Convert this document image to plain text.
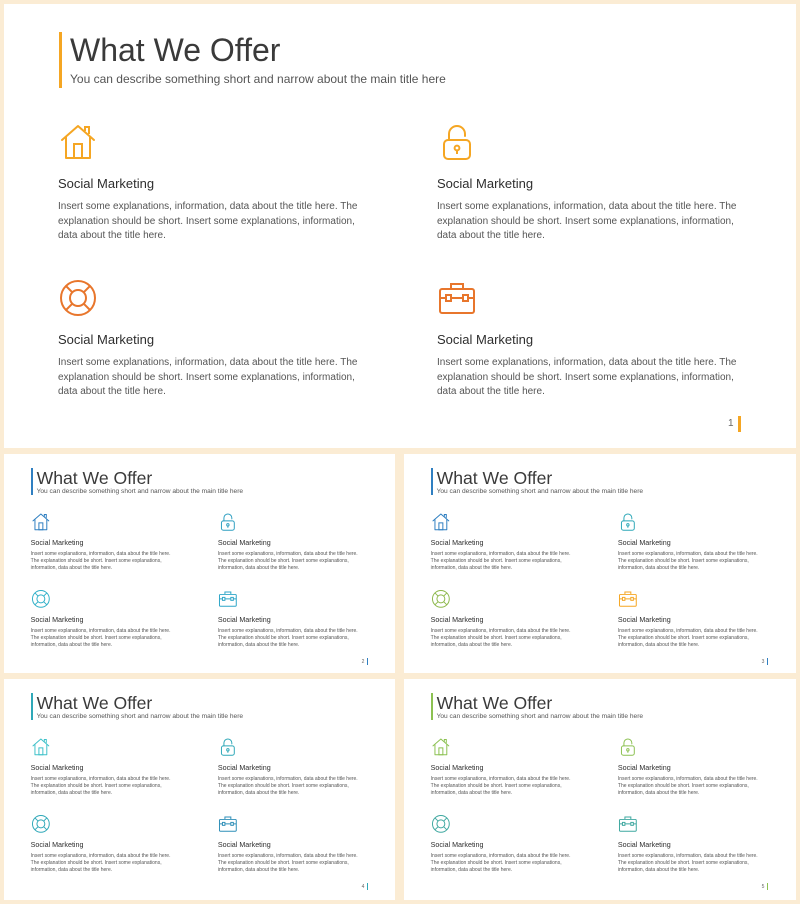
What We Offer
You can describe something short and narrow about the main title here
Social Marketing

Insert some explanations, information, data about the title here. The explanation should be short. Insert some explanations, information, data about the title here.

Social Marketing

Insert some explanations, information, data about the title here. The explanation should be short. Insert some explanations, information, data about the title here.

Social Marketing

Insert some explanations, information, data about the title here. The explanation should be short. Insert some explanations, information, data about the title here.

Social Marketing

Insert some explanations, information, data about the title here. The explanation should be short. Insert some explanations, information, data about the title here.

1
What We Offer
You can describe something short and narrow about the main title here
Social Marketing

Insert some explanations, information, data about the title here. The explanation should be short. Insert some explanations, information, data about the title here.

Social Marketing

Insert some explanations, information, data about the title here. The explanation should be short. Insert some explanations, information, data about the title here.

Social Marketing

Insert some explanations, information, data about the title here. The explanation should be short. Insert some explanations, information, data about the title here.

Social Marketing

Insert some explanations, information, data about the title here. The explanation should be short. Insert some explanations, information, data about the title here.

2
What We Offer
You can describe something short and narrow about the main title here
Social Marketing

Insert some explanations, information, data about the title here. The explanation should be short. Insert some explanations, information, data about the title here.

Social Marketing

Insert some explanations, information, data about the title here. The explanation should be short. Insert some explanations, information, data about the title here.

Social Marketing

Insert some explanations, information, data about the title here. The explanation should be short. Insert some explanations, information, data about the title here.

Social Marketing

Insert some explanations, information, data about the title here. The explanation should be short. Insert some explanations, information, data about the title here.

3
What We Offer
You can describe something short and narrow about the main title here
Social Marketing

Insert some explanations, information, data about the title here. The explanation should be short. Insert some explanations, information, data about the title here.

Social Marketing

Insert some explanations, information, data about the title here. The explanation should be short. Insert some explanations, information, data about the title here.

Social Marketing

Insert some explanations, information, data about the title here. The explanation should be short. Insert some explanations, information, data about the title here.

Social Marketing

Insert some explanations, information, data about the title here. The explanation should be short. Insert some explanations, information, data about the title here.

4
What We Offer
You can describe something short and narrow about the main title here
Social Marketing

Insert some explanations, information, data about the title here. The explanation should be short. Insert some explanations, information, data about the title here.

Social Marketing

Insert some explanations, information, data about the title here. The explanation should be short. Insert some explanations, information, data about the title here.

Social Marketing

Insert some explanations, information, data about the title here. The explanation should be short. Insert some explanations, information, data about the title here.

Social Marketing

Insert some explanations, information, data about the title here. The explanation should be short. Insert some explanations, information, data about the title here.

5
